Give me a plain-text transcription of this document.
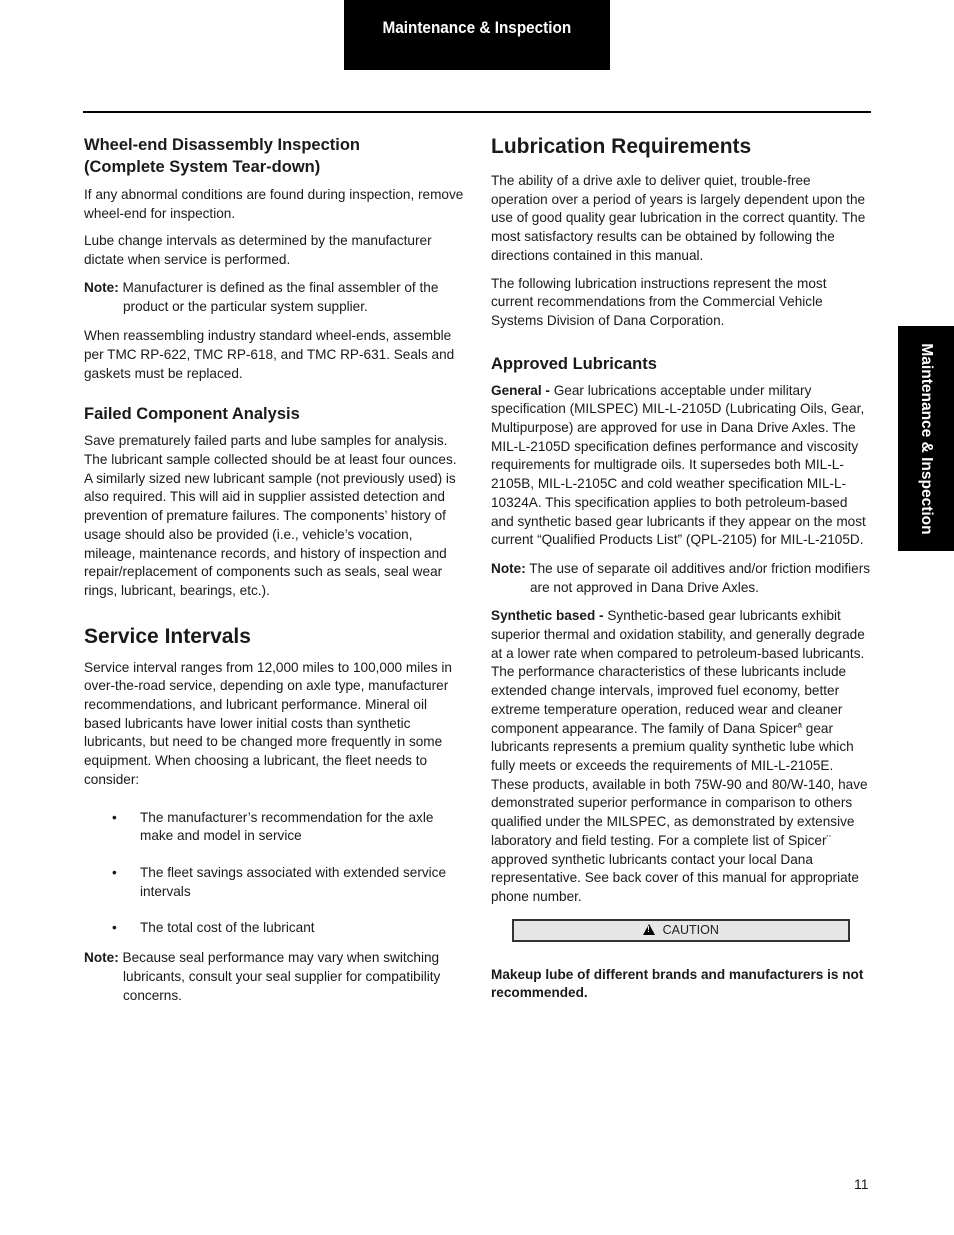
Maintenance & Inspection
Maintenance & Inspection
Wheel-end Disassembly Inspection
(Complete System Tear-down)

If any abnormal conditions are found during inspection, remove wheel-end for inspection.

Lube change intervals as determined by the manufacturer dictate when service is performed.

Note: Manufacturer is defined as the final assembler of the product or the particular system supplier.

When reassembling industry standard wheel-ends, assemble per TMC RP-622, TMC RP-618, and TMC RP-631. Seals and gaskets must be replaced.

Failed Component Analysis

Save prematurely failed parts and lube samples for analysis. The lubricant sample collected should be at least four ounces. A similarly sized new lubricant sample (not previously used) is also required. This will aid in supplier assisted detection and prevention of premature failures. The components’ history of usage should also be provided (i.e., vehicle’s vocation, mileage, maintenance records, and history of inspection and repair/replacement of components such as seals, seal wear rings, lubricant, bearings, etc.).

Service Intervals

Service interval ranges from 12,000 miles to 100,000 miles in over-the-road service, depending on axle type, manufacturer recommendations, and lubricant performance. Mineral oil based lubricants have lower initial costs than synthetic lubricants, but need to be changed more frequently in some equipment. When choosing a lubricant, the fleet needs to consider:

• The manufacturer’s recommendation for the axle make and model in service
• The fleet savings associated with extended service intervals
• The total cost of the lubricant

Note: Because seal performance may vary when switching lubricants, consult your seal supplier for compatibility concerns.

Lubrication Requirements

The ability of a drive axle to deliver quiet, trouble-free operation over a period of years is largely dependent upon the use of good quality gear lubrication in the correct quantity. The most satisfactory results can be obtained by following the directions contained in this manual.

The following lubrication instructions represent the most current recommendations from the Commercial Vehicle Systems Division of Dana Corporation.

Approved Lubricants

General - Gear lubrications acceptable under military specification (MILSPEC) MIL-L-2105D (Lubricating Oils, Gear, Multipurpose) are approved for use in Dana Drive Axles. The MIL-L-2105D specification defines performance and viscosity requirements for multigrade oils. It supersedes both MIL-L-2105B, MIL-L-2105C and cold weather specification MIL-L-10324A. This specification applies to both petroleum-based and synthetic based gear lubricants if they appear on the most current “Qualified Products List” (QPL-2105) for MIL-L-2105D.

Note: The use of separate oil additives and/or friction modifiers are not approved in Dana Drive Axles.

Synthetic based - Synthetic-based gear lubricants exhibit superior thermal and oxidation stability, and generally degrade at a lower rate when compared to petroleum-based lubricants. The performance characteristics of these lubricants include extended change intervals, improved fuel economy, better extreme temperature operation, reduced wear and cleaner component appearance. The family of Dana Spicer$^a$ gear lubricants represents a premium quality synthetic lube which fully meets or exceeds the requirements of MIL-L-2105E. These products, available in both 75W-90 and 80/W-140, have demonstrated superior performance in comparison to others qualified under the MILSPEC, as demonstrated by extensive laboratory and field testing. For a complete list of Spicer¨ approved synthetic lubricants contact your local Dana representative. See back cover of this manual for appropriate phone number.

! CAUTION

Makeup lube of different brands and manufacturers is not recommended.

11
